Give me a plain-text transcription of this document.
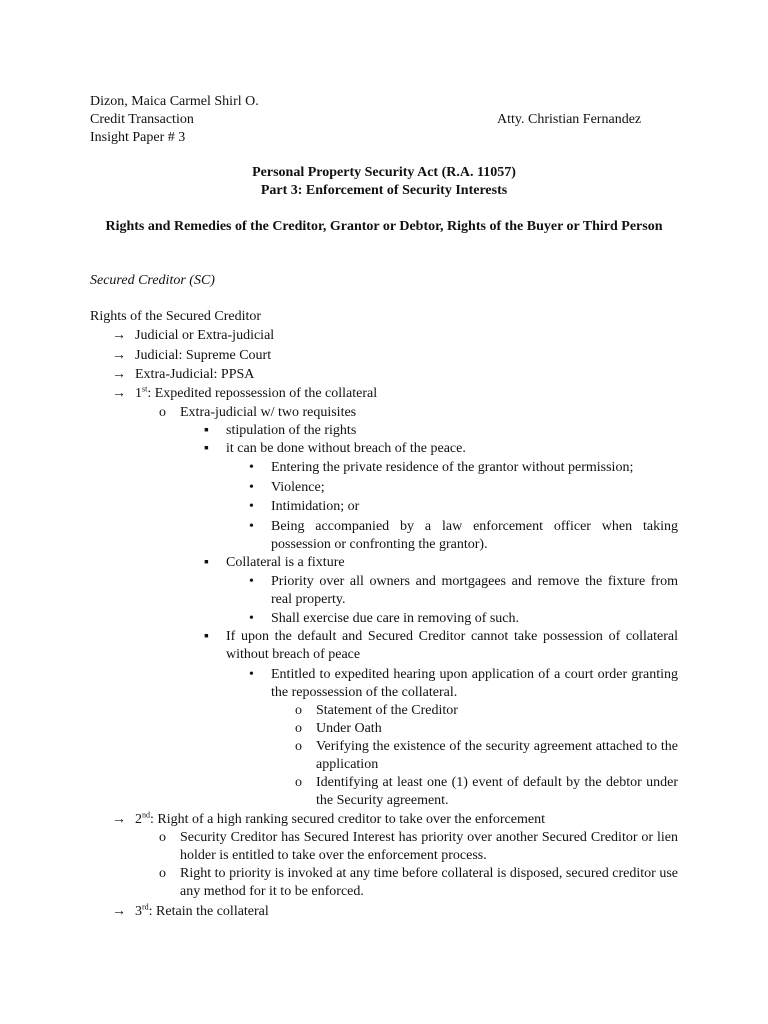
Dizon, Maica Carmel Shirl O.
Credit Transaction	Atty. Christian Fernandez
Insight Paper # 3
Personal Property Security Act (R.A. 11057)
Part 3: Enforcement of Security Interests
Rights and Remedies of the Creditor, Grantor or Debtor, Rights of the Buyer or Third Person
Secured Creditor (SC)
Rights of the Secured Creditor
→ Judicial or Extra-judicial
→ Judicial: Supreme Court
→ Extra-Judicial: PPSA
→ 1st: Expedited repossession of the collateral
o Extra-judicial w/ two requisites
▪ stipulation of the rights
▪ it can be done without breach of the peace.
• Entering the private residence of the grantor without permission;
• Violence;
• Intimidation; or
• Being accompanied by a law enforcement officer when taking possession or confronting the grantor).
▪ Collateral is a fixture
• Priority over all owners and mortgagees and remove the fixture from real property.
• Shall exercise due care in removing of such.
▪ If upon the default and Secured Creditor cannot take possession of collateral without breach of peace
• Entitled to expedited hearing upon application of a court order granting the repossession of the collateral.
o Statement of the Creditor
o Under Oath
o Verifying the existence of the security agreement attached to the application
o Identifying at least one (1) event of default by the debtor under the Security agreement.
→ 2nd: Right of a high ranking secured creditor to take over the enforcement
o Security Creditor has Secured Interest has priority over another Secured Creditor or lien holder is entitled to take over the enforcement process.
o Right to priority is invoked at any time before collateral is disposed, secured creditor use any method for it to be enforced.
→ 3rd: Retain the collateral
